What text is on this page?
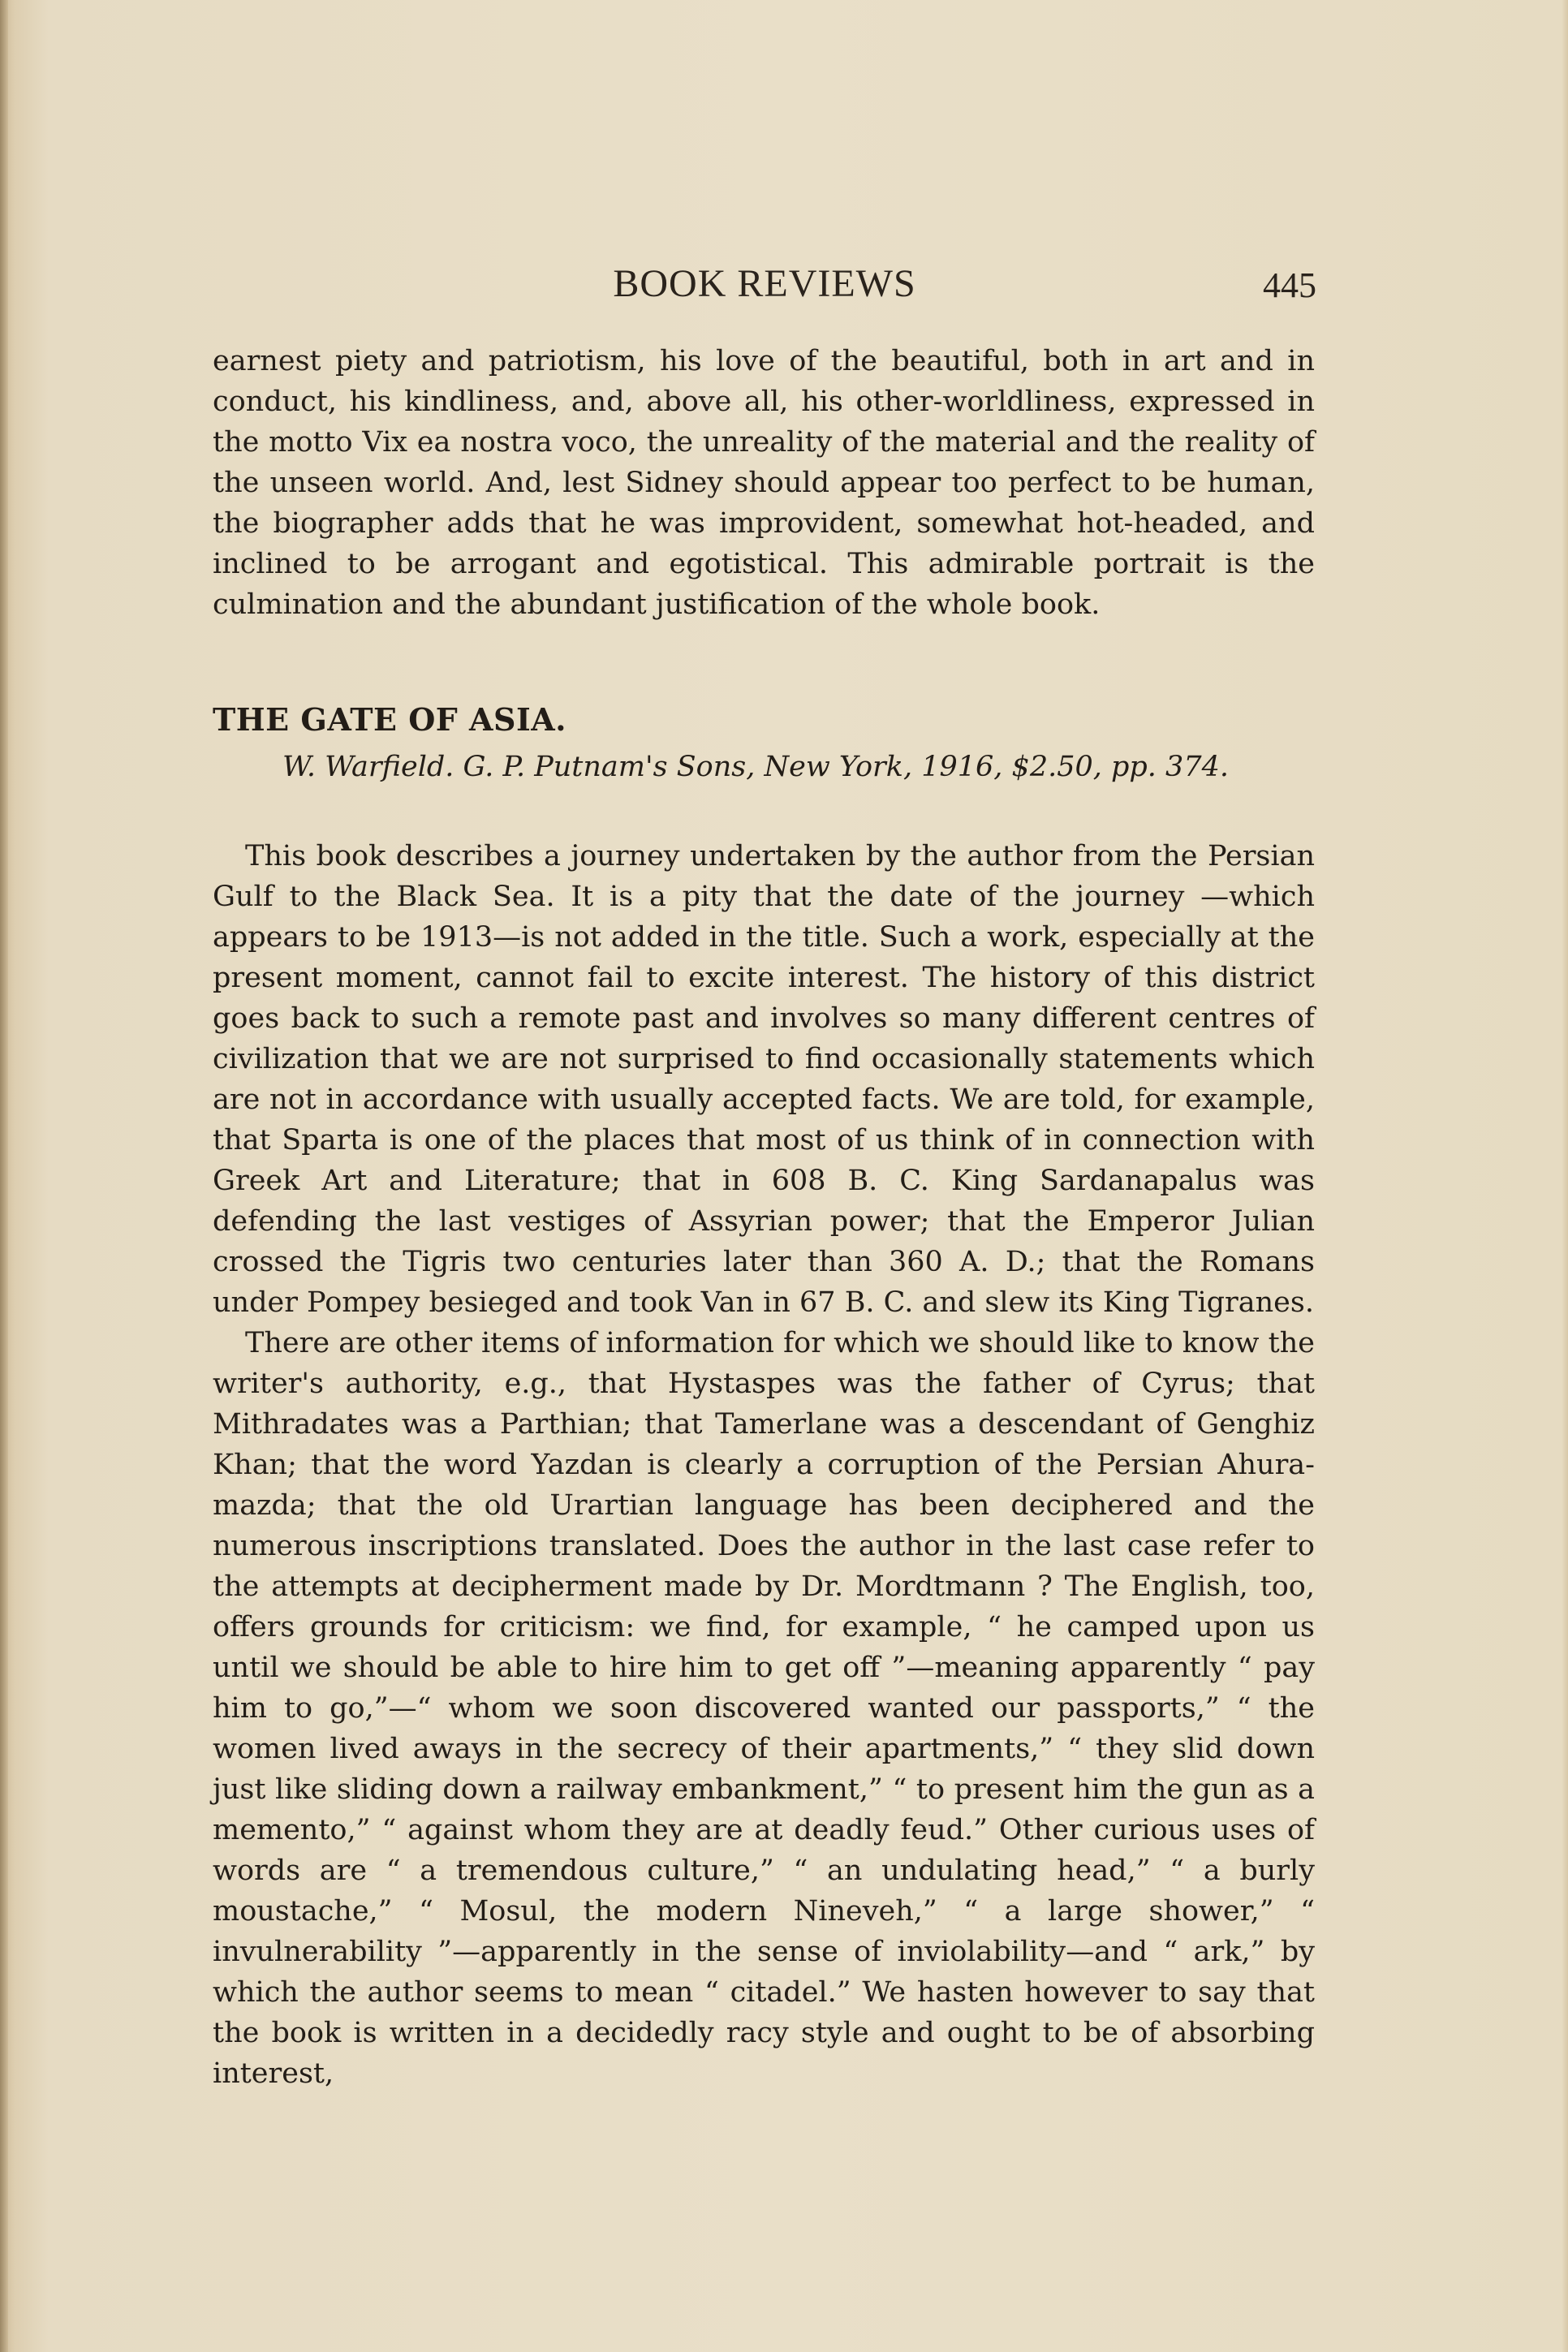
BOOK REVIEWS	445

earnest piety and patriotism, his love of the beautiful, both in art and in conduct, his kindliness, and, above all, his other-worldliness, expressed in the motto Vix ea nostra voco, the unreality of the material and the reality of the unseen world. And, lest Sidney should appear too perfect to be human, the biographer adds that he was improvident, somewhat hot-headed, and inclined to be arrogant and egotistical. This admirable portrait is the culmination and the abundant justification of the whole book.

THE GATE OF ASIA.

W. Warfield. G. P. Putnam's Sons, New York, 1916, $2.50, pp. 374.

This book describes a journey undertaken by the author from the Persian Gulf to the Black Sea. It is a pity that the date of the journey —which appears to be 1913—is not added in the title. Such a work, especially at the present moment, cannot fail to excite interest. The history of this district goes back to such a remote past and involves so many different centres of civilization that we are not surprised to find occasionally statements which are not in accordance with usually accepted facts. We are told, for example, that Sparta is one of the places that most of us think of in connection with Greek Art and Literature; that in 608 B. C. King Sardanapalus was defending the last vestiges of Assyrian power; that the Emperor Julian crossed the Tigris two centuries later than 360 A. D.; that the Romans under Pompey besieged and took Van in 67 B. C. and slew its King Tigranes.

There are other items of information for which we should like to know the writer's authority, e.g., that Hystaspes was the father of Cyrus; that Mithradates was a Parthian; that Tamerlane was a descendant of Genghiz Khan; that the word Yazdan is clearly a corruption of the Persian Ahura-mazda; that the old Urartian language has been deciphered and the numerous inscriptions translated. Does the author in the last case refer to the attempts at decipherment made by Dr. Mordtmann ? The English, too, offers grounds for criticism: we find, for example, “ he camped upon us until we should be able to hire him to get off ”—meaning apparently “ pay him to go,”—“ whom we soon discovered wanted our passports,” “ the women lived aways in the secrecy of their apartments,” “ they slid down just like sliding down a railway embankment,” “ to present him the gun as a memento,” “ against whom they are at deadly feud.” Other curious uses of words are “ a tremendous culture,” “ an undulating head,” “ a burly moustache,” “ Mosul, the modern Nineveh,” “ a large shower,” “ invulnerability ”—apparently in the sense of inviolability—and “ ark,” by which the author seems to mean “ citadel.” We hasten however to say that the book is written in a decidedly racy style and ought to be of absorbing interest,
